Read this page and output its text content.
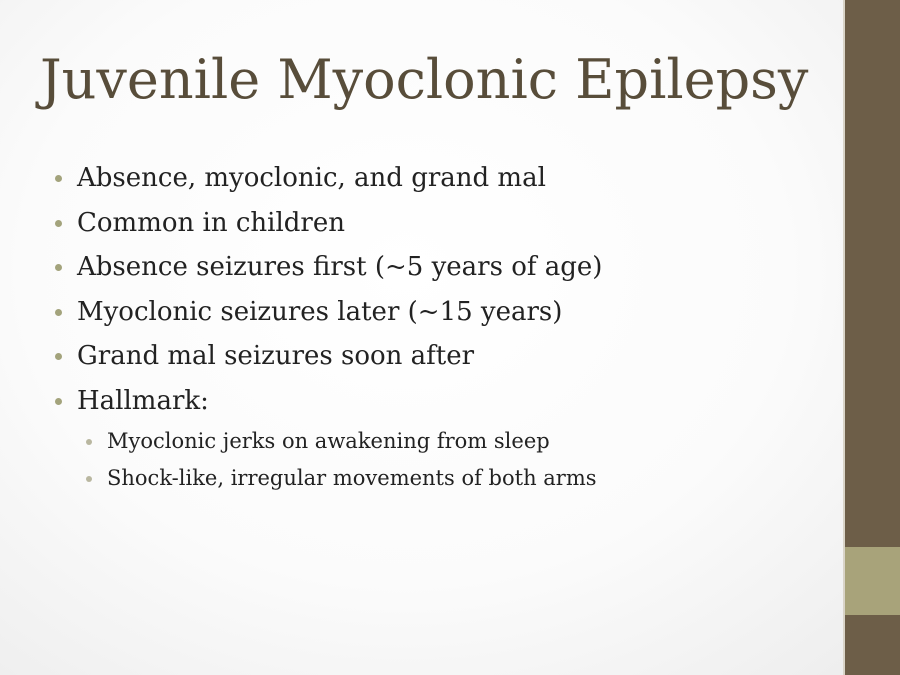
Juvenile Myoclonic Epilepsy
Absence, myoclonic, and grand mal
Common in children
Absence seizures first (~5 years of age)
Myoclonic seizures later (~15 years)
Grand mal seizures soon after
Hallmark:
Myoclonic jerks on awakening from sleep
Shock-like, irregular movements of both arms
